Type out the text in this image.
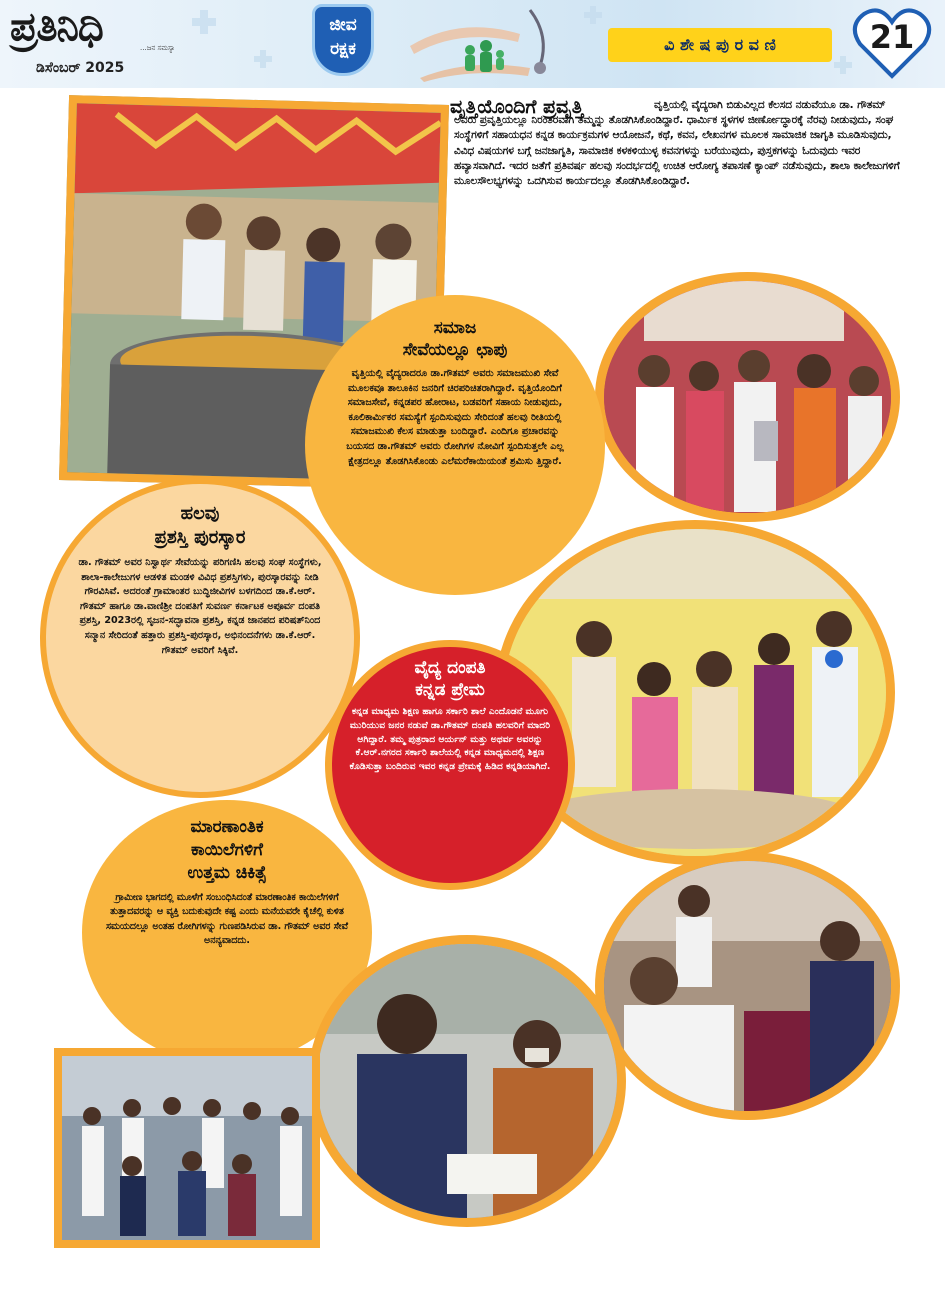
ಪ್ರತಿನಿಧಿ	...ಜನ ಸಮಸ್ಯಾ
ಡಿಸೆಂಬರ್ 2025
ಜೀವ
ರಕ್ಷಕ	ವಿ ಶೇ ಷ ಪು ರ ವ ಣಿ	21
ವೃತ್ತಿಯೊಂದಿಗೆ ಪ್ರವೃತ್ತಿ	ವೃತ್ತಿಯಲ್ಲಿ ವೈದ್ಯರಾಗಿ ಬಿಡುವಿಲ್ಲದ ಕೆಲಸದ ನಡುವೆಯೂ ಡಾ. ಗೌತಮ್ ಅವರು ಪ್ರವೃತ್ತಿಯಲ್ಲೂ ನಿರಂತರವಾಗಿ ತಮ್ಮನ್ನು ತೊಡಗಿಸಿಕೊಂಡಿದ್ದಾರೆ. ಧಾರ್ಮಿಕ ಸ್ಥಳಗಳ ಜೀರ್ಣೋದ್ಧಾರಕ್ಕೆ ನೆರವು ನೀಡುವುದು, ಸಂಘ ಸಂಸ್ಥೆಗಳಿಗೆ ಸಹಾಯಧನ ಕನ್ನಡ ಕಾರ್ಯಕ್ರಮಗಳ ಆಯೋಜನೆ, ಕಥೆ, ಕವನ, ಲೇಖನಗಳ ಮೂಲಕ ಸಾಮಾಜಿಕ ಜಾಗೃತಿ ಮೂಡಿಸುವುದು, ವಿವಿಧ ವಿಷಯಗಳ ಬಗ್ಗೆ ಜನಜಾಗೃತಿ, ಸಾಮಾಜಿಕ ಕಳಕಳಿಯುಳ್ಳ ಕವನಗಳನ್ನು ಬರೆಯುವುದು, ಪುಸ್ತಕಗಳನ್ನು ಓದುವುದು ಇವರ ಹವ್ಯಾಸವಾಗಿದೆ. ಇದರ ಜತೆಗೆ ಪ್ರತಿವರ್ಷ ಹಲವು ಸಂದರ್ಭದಲ್ಲಿ ಉಚಿತ ಆರೋಗ್ಯ ತಪಾಸಣೆ ಕ್ಯಾಂಪ್ ನಡೆಸುವುದು, ಶಾಲಾ ಕಾಲೇಜುಗಳಿಗೆ ಮೂಲಸೌಲಭ್ಯಗಳನ್ನು ಒದಗಿಸುವ ಕಾರ್ಯದಲ್ಲೂ ತೊಡಗಿಸಿಕೊಂಡಿದ್ದಾರೆ.
ಸಮಾಜ
ಸೇವೆಯಲ್ಲೂ ಛಾಪು
ವೃತ್ತಿಯಲ್ಲಿ ವೈದ್ಯರಾದರೂ ಡಾ.ಗೌತಮ್ ಅವರು ಸಮಾಜಮುಖಿ ಸೇವೆ ಮೂಲಕವೂ ತಾಲೂಕಿನ ಜನರಿಗೆ ಚಿರಪರಿಚಿತರಾಗಿದ್ದಾರೆ. ವೃತ್ತಿಯೊಂದಿಗೆ ಸಮಾಜಸೇವೆ, ಕನ್ನಡಪರ ಹೋರಾಟ, ಬಡವರಿಗೆ ಸಹಾಯ ನೀಡುವುದು, ಕೂಲಿಕಾರ್ಮಿಕರ ಸಮಸ್ಯೆಗೆ ಸ್ಪಂದಿಸುವುದು ಸೇರಿದಂತೆ ಹಲವು ರೀತಿಯಲ್ಲಿ ಸಮಾಜಮುಖಿ ಕೆಲಸ ಮಾಡುತ್ತಾ ಬಂದಿದ್ದಾರೆ. ಎಂದಿಗೂ ಪ್ರಚಾರವನ್ನು ಬಯಸದ ಡಾ.ಗೌತಮ್ ಅವರು ರೋಗಿಗಳ ನೋವಿಗೆ ಸ್ಪಂದಿಸುತ್ತಲೇ ಎಲ್ಲ ಕ್ಷೇತ್ರದಲ್ಲೂ ತೊಡಗಿಸಿಕೊಂಡು ಎಲೆಮರೆಕಾಯಿಯಂತೆ ಶ್ರಮಿಸು ತ್ತಿದ್ದಾರೆ.
ಹಲವು
ಪ್ರಶಸ್ತಿ ಪುರಸ್ಕಾರ
ಡಾ. ಗೌತಮ್ ಅವರ ನಿಸ್ವಾರ್ಥ ಸೇವೆಯನ್ನು ಪರಿಗಣಿಸಿ ಹಲವು ಸಂಘ ಸಂಸ್ಥೆಗಳು, ಶಾಲಾ-ಕಾಲೇಜುಗಳ ಆಡಳಿತ ಮಂಡಳಿ ವಿವಿಧ ಪ್ರಶಸ್ತಿಗಳು, ಪುರಸ್ಕಾರವನ್ನು ನೀಡಿ ಗೌರವಿಸಿವೆ. ಅದರಂತೆ ಗ್ರಾಮಾಂತರ ಬುದ್ಧಿಜೀವಿಗಳ ಬಳಗದಿಂದ ಡಾ.ಕೆ.ಆರ್. ಗೌತಮ್ ಹಾಗೂ ಡಾ.ವಾಣಿಶ್ರೀ ದಂಪತಿಗೆ ಸುವರ್ಣ ಕರ್ನಾಟಕ ಅಪೂರ್ವ ದಂಪತಿ ಪ್ರಶಸ್ತಿ, 2023ರಲ್ಲಿ ಸೃಜನ-ಸದ್ಭಾವನಾ ಪ್ರಶಸ್ತಿ, ಕನ್ನಡ ಜಾನಪದ ಪರಿಷತ್‌ನಿಂದ ಸನ್ಮಾನ ಸೇರಿದಂತೆ ಹತ್ತಾರು ಪ್ರಶಸ್ತಿ-ಪುರಸ್ಕಾರ, ಅಭಿನಂದನೆಗಳು ಡಾ.ಕೆ.ಆರ್. ಗೌತಮ್ ಅವರಿಗೆ ಸಿಕ್ಕಿವೆ.
ವೈದ್ಯ ದಂಪತಿ
ಕನ್ನಡ ಪ್ರೇಮ
ಕನ್ನಡ ಮಾಧ್ಯಮ ಶಿಕ್ಷಣ ಹಾಗೂ ಸರ್ಕಾರಿ ಶಾಲೆ ಎಂದೊಡನೆ ಮೂಗು ಮುರಿಯುವ ಜನರ ನಡುವೆ ಡಾ.ಗೌತಮ್ ದಂಪತಿ ಹಲವರಿಗೆ ಮಾದರಿ ಆಗಿದ್ದಾರೆ. ತಮ್ಮ ಪುತ್ರರಾದ ಆರ್ಯನ್ ಮತ್ತು ಅಥರ್ವ ಅವರನ್ನು ಕೆ.ಆರ್.ನಗರದ ಸರ್ಕಾರಿ ಶಾಲೆಯಲ್ಲಿ ಕನ್ನಡ ಮಾಧ್ಯಮದಲ್ಲಿ ಶಿಕ್ಷಣ ಕೊಡಿಸುತ್ತಾ ಬಂದಿರುವ ಇವರ ಕನ್ನಡ ಪ್ರೇಮಕ್ಕೆ ಹಿಡಿದ ಕನ್ನಡಿಯಾಗಿದೆ.
ಮಾರಣಾಂತಿಕ
ಕಾಯಿಲೆಗಳಿಗೆ
ಉತ್ತಮ ಚಿಕಿತ್ಸೆ
ಗ್ರಾಮೀಣ ಭಾಗದಲ್ಲಿ ಮೂಳೆಗೆ ಸಂಬಂಧಿಸಿದಂತೆ ಮಾರಣಾಂತಿಕ ಕಾಯಿಲೆಗಳಿಗೆ ತುತ್ತಾದವರನ್ನು ಆ ವ್ಯಕ್ತಿ ಬದುಕುವುದೇ ಕಷ್ಟ ಎಂದು ಮನೆಯವರೇ ಕೈಚೆಲ್ಲಿ ಕುಳಿತ ಸಮಯದಲ್ಲೂ ಅಂತಹ ರೋಗಿಗಳನ್ನು ಗುಣಪಡಿಸಿರುವ ಡಾ. ಗೌತಮ್ ಅವರ ಸೇವೆ ಅನನ್ಯವಾದದು.
